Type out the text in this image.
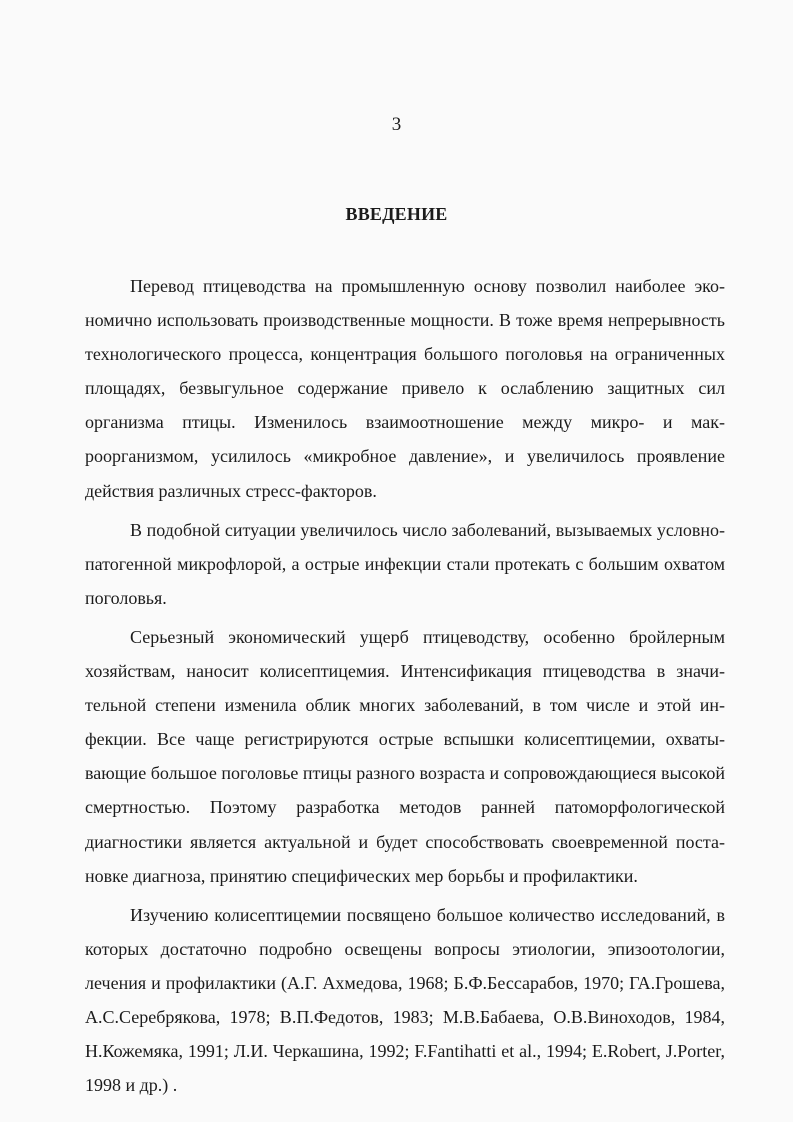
3
ВВЕДЕНИЕ

Перевод птицеводства на промышленную основу позволил наиболее экономично использовать производственные мощности. В тоже время непрерывность технологического процесса, концентрация большого поголовья на ограниченных площадях, безвыгульное содержание привело к ослаблению защитных сил организма птицы. Изменилось взаимоотношение между микро- и макроорганизмом, усилилось «микробное давление», и увеличилось проявление действия различных стресс-факторов.

В подобной ситуации увеличилось число заболеваний, вызываемых условно-патогенной микрофлорой, а острые инфекции стали протекать с большим охватом поголовья.

Серьезный экономический ущерб птицеводству, особенно бройлерным хозяйствам, наносит колисептицемия. Интенсификация птицеводства в значительной степени изменила облик многих заболеваний, в том числе и этой инфекции. Все чаще регистрируются острые вспышки колисептицемии, охватывающие большое поголовье птицы разного возраста и сопровождающиеся высокой смертностью. Поэтому разработка методов ранней патоморфологической диагностики является актуальной и будет способствовать своевременной постановке диагноза, принятию специфических мер борьбы и профилактики.

Изучению колисептицемии посвящено большое количество исследований, в которых достаточно подробно освещены вопросы этиологии, эпизоотологии, лечения и профилактики (А.Г. Ахмедова, 1968; Б.Ф.Бессарабов, 1970; ГА.Грошева, А.С.Серебрякова, 1978; В.П.Федотов, 1983; М.В.Бабаева, О.В.Виноходов, 1984, Н.Кожемяка, 1991; Л.И. Черкашина, 1992; F.Fantihatti et al., 1994; E.Robert, J.Porter, 1998 и др.) .
